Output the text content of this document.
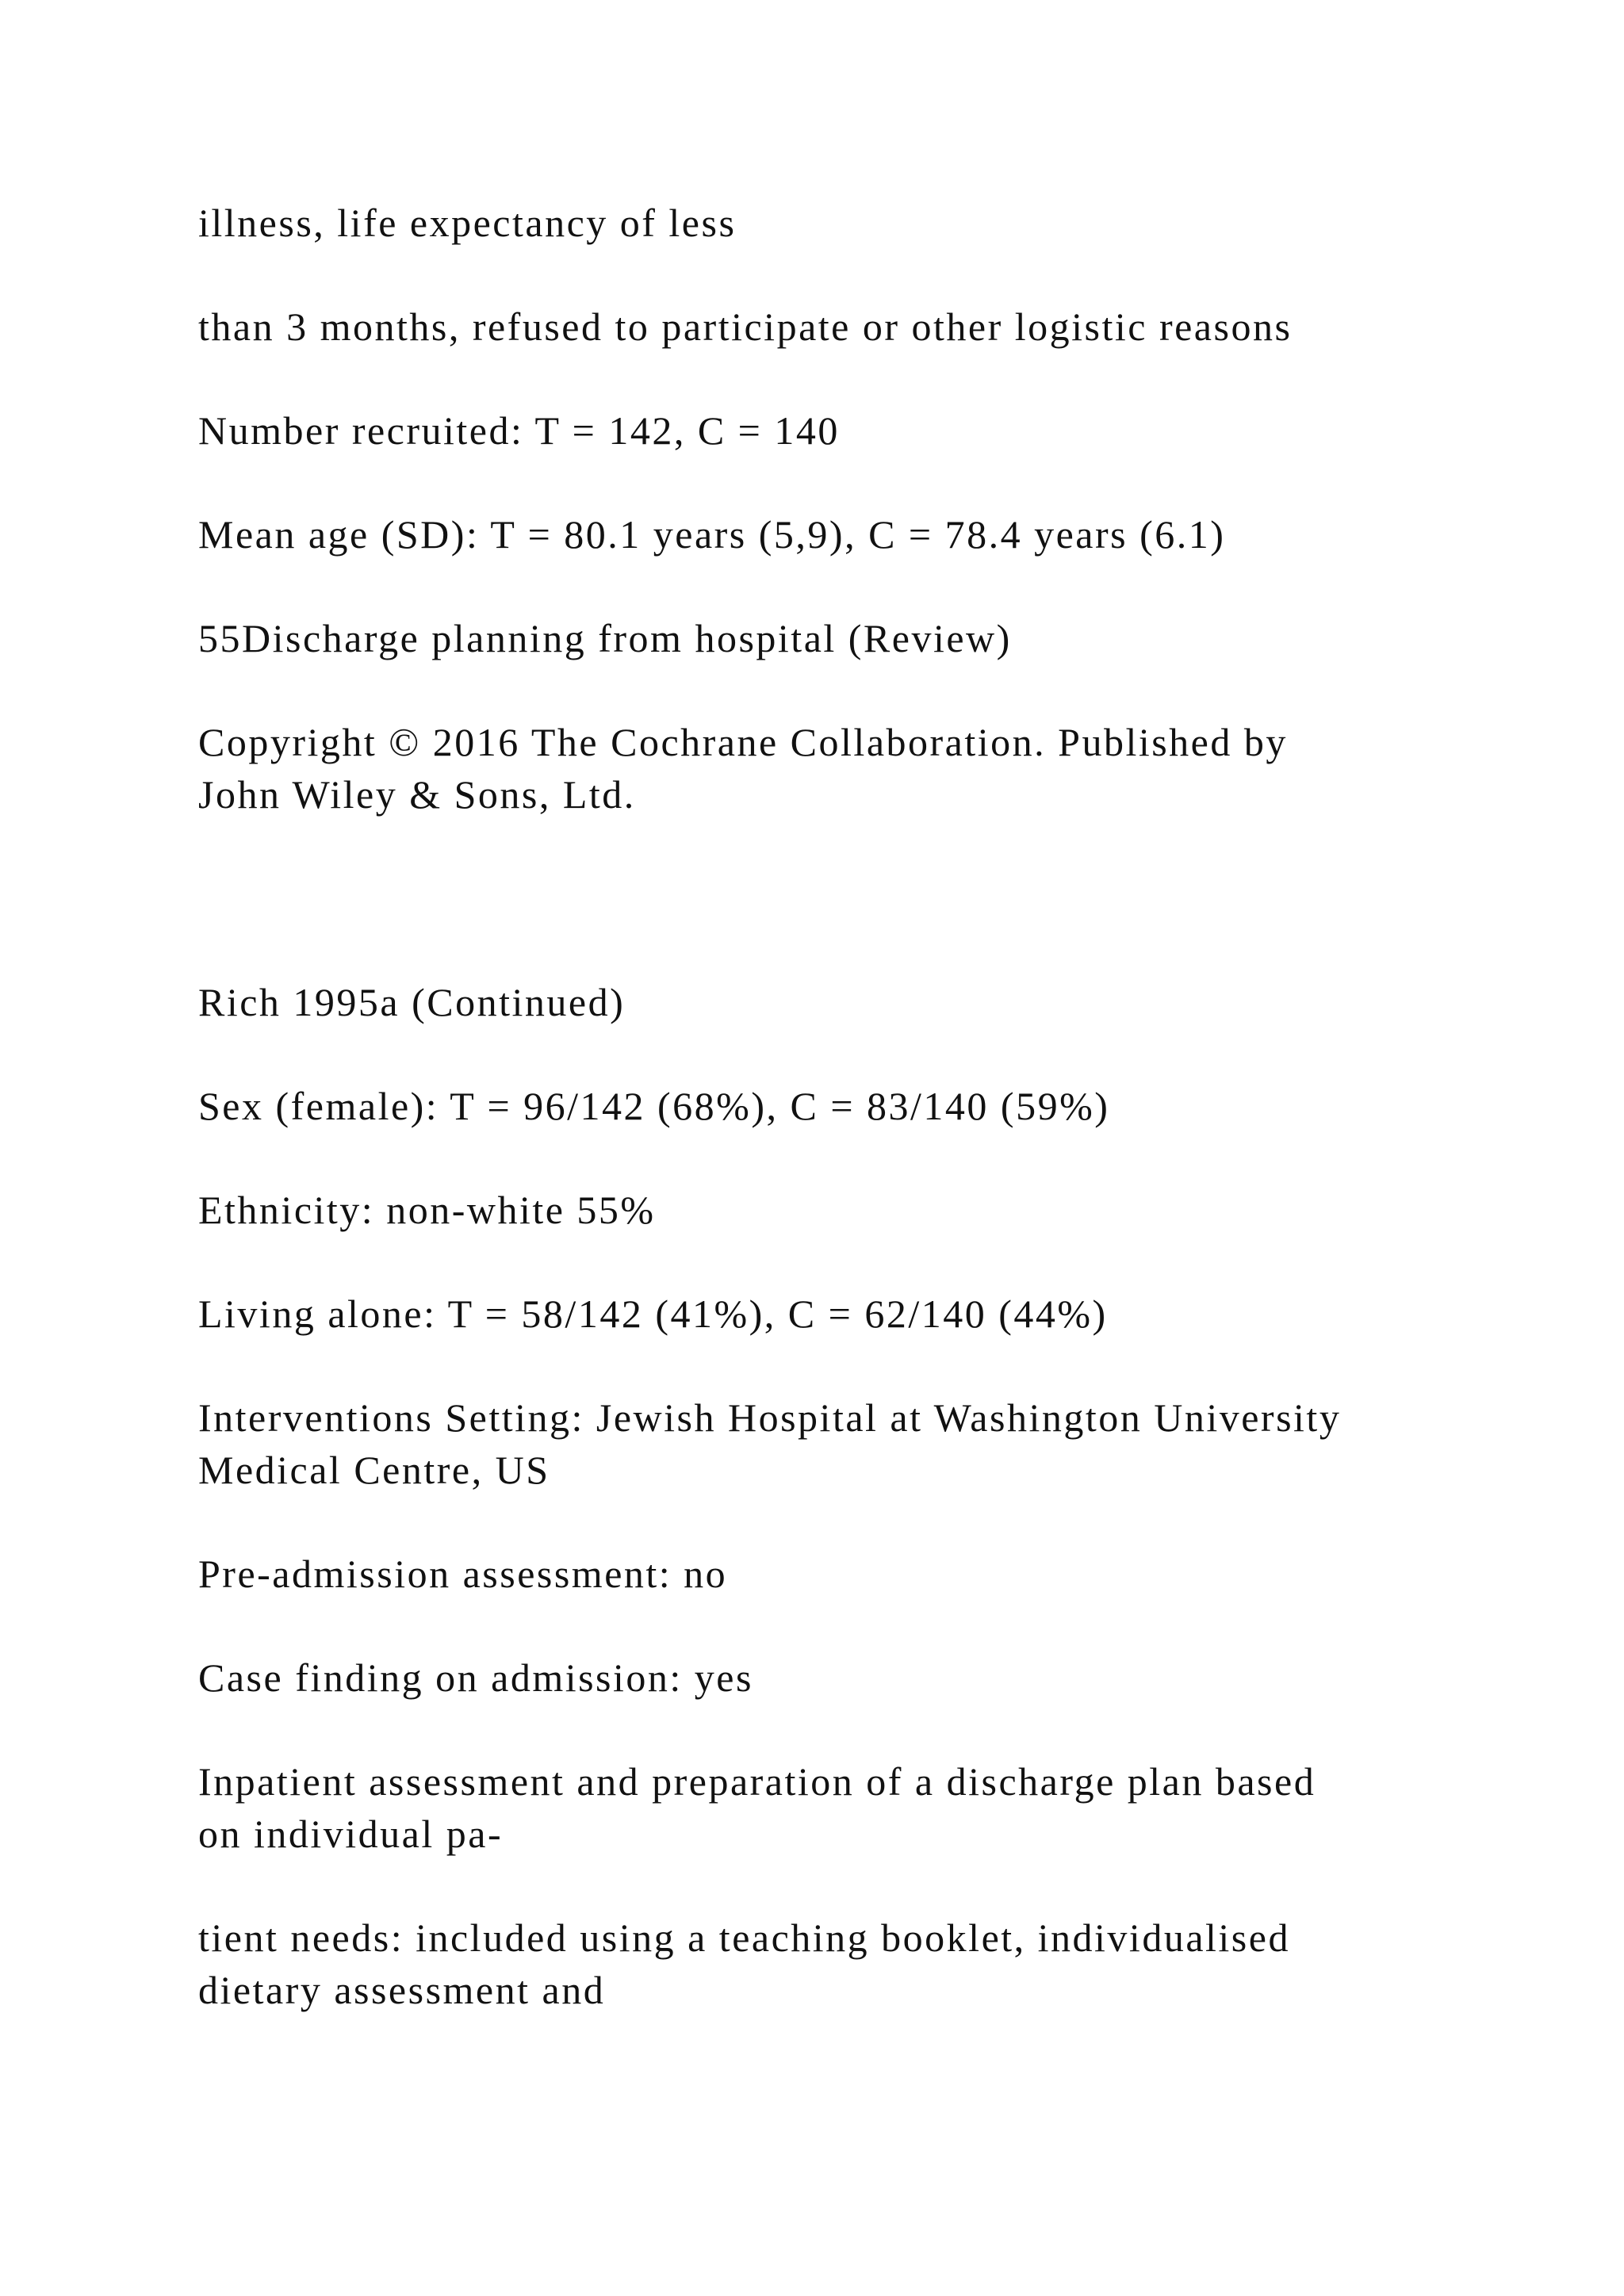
illness, life expectancy of less

than 3 months, refused to participate or other logistic reasons

Number recruited: T = 142, C = 140

Mean age (SD): T = 80.1 years (5,9), C = 78.4 years (6.1)

55Discharge planning from hospital (Review)

Copyright © 2016 The Cochrane Collaboration. Published by
John Wiley & Sons, Ltd.

Rich 1995a (Continued)

Sex (female): T = 96/142 (68%), C = 83/140 (59%)

Ethnicity: non-white 55%

Living alone: T = 58/142 (41%), C = 62/140 (44%)

Interventions Setting: Jewish Hospital at Washington University
Medical Centre, US

Pre-admission assessment: no

Case finding on admission: yes

Inpatient assessment and preparation of a discharge plan based
on individual pa-

tient needs: included using a teaching booklet, individualised
dietary assessment and
